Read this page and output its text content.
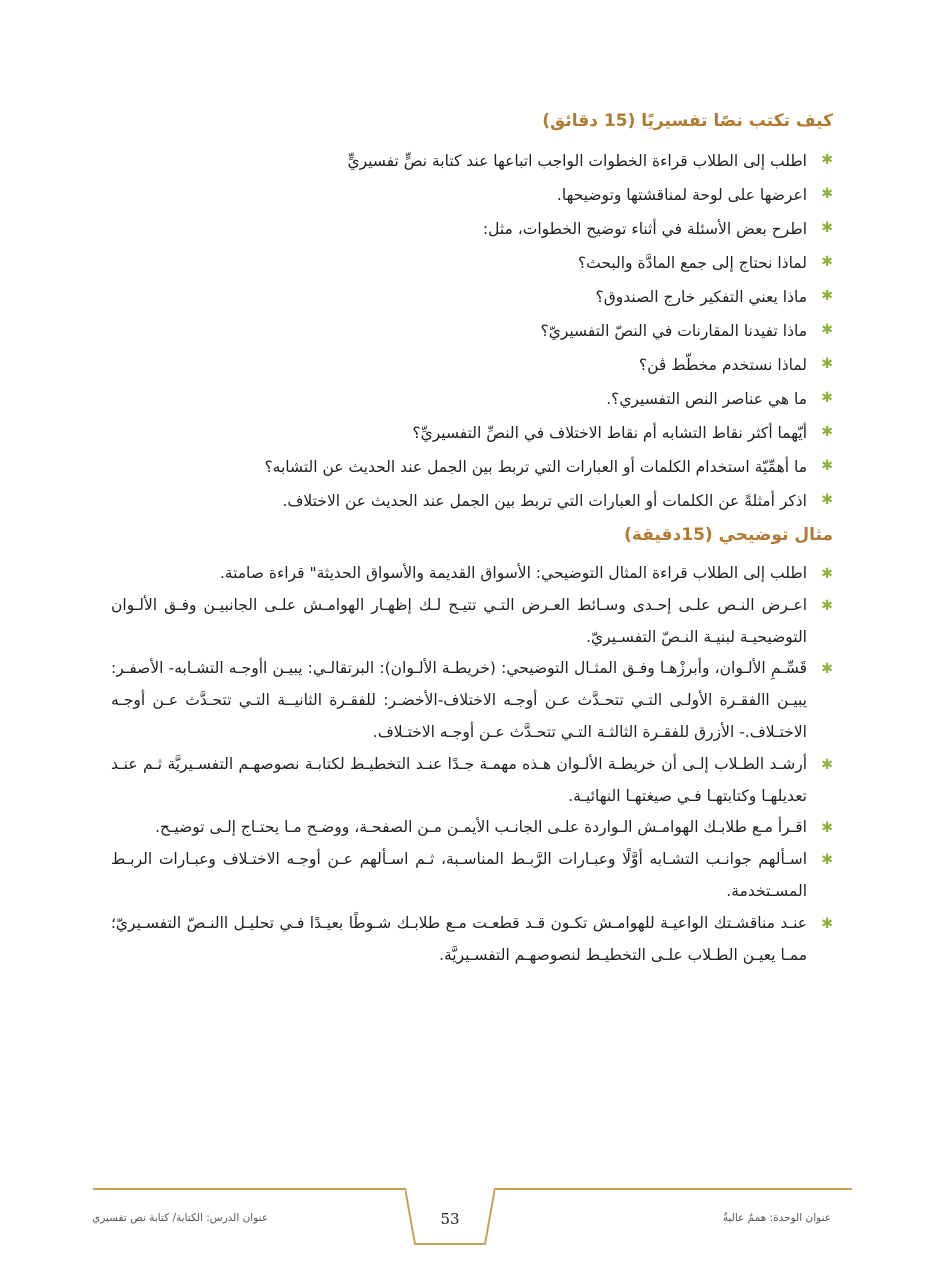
كيف تكتب نصًا تفسيريًا (15 دقائق)
✱
اطلب إلى الطلاب قراءة الخطوات الواجب اتباعها عند كتابة نصٍّ تفسيريٍّ
✱
اعرضها على لوحة لمناقشتها وتوضيحها.
✱
اطرح بعض الأسئلة في أثناء توضيح الخطوات، مثل:
✱
لماذا نحتاج إلى جمع المادَّة والبحث؟
✱
ماذا يعني التفكير خارج الصندوق؟
✱
ماذا تفيدنا المقارنات في النصّ التفسيريّ؟
✱
لماذا نستخدم مخطّط ڤن؟
✱
ما هي عناصر النص التفسيري؟.
✱
أيّهما أكثر نقاط التشابه أم نقاط الاختلاف في النصِّ التفسيريِّ؟
✱
ما أهمِّيّة استخدام الكلمات أو العبارات التي تربط بين الجمل عند الحديث عن التشابه؟
✱
اذكر أمثلةً عن الكلمات أو العبارات التي تربط بين الجمل عند الحديث عن الاختلاف.
مثال توضيحي (15دقيقة)
✱
اطلب إلى الطلاب قراءة المثال التوضيحي: الأسواق القديمة والأسواق الحديثة" قراءة صامتة.
✱
اعـرض النـص علـى إحـدى وسـائط العـرض التـي تتيـح لـك إظهـار الهوامـش علـى الجانبيـن وفـق الألـوان التوضيحيـة لبنيـة النـصّ التفسـيريّ.
✱
قَسِّـمِ الألـوان، وأبرزْهـا وفـق المثـال التوضيحي: (خريطـة الألـوان): البرتقالـي: يبيـن اأوجـه التشـابه- الأصفـر: يبيـن االفقـرة الأولـى التـي تتحـدَّث عـن أوجـه الاختلاف-الأخضـر: للفقـرة الثانيــة التـي تتحـدَّث عـن أوجـه الاختـلاف.- الأزرق للفقـرة الثالثـة التـي تتحـدَّث عـن أوجـه الاختـلاف.
✱
أرشـد الطـلاب إلـى أن خريطـة الألـوان هـذه مهمـة جـدًا عنـد التخطيـط لكتابـة نصوصهـم التفسـيريَّة ثـم عنـد تعديلهـا وكتابتهـا فـي صيغتهـا النهائيـة.
✱
اقـرأ مـع طلابـك الهوامـش الـواردة علـى الجانـب الأيمـن مـن الصفحـة، ووضـح مـا يحتـاج إلـى توضيـح.
✱
اسـألهم جوانـب التشـابه أوَّلًا وعبـارات الرَّبـط المناسـبة، ثـم اسـألهم عـن أوجـه الاختـلاف وعبـارات الربـط المسـتخدمة.
✱
عنـد مناقشـتك الواعيـة للهوامـش تكـون قـد قطعـت مـع طلابـك شـوطًا بعيـدًا فـي تحليـل االنـصّ التفسـيريّ؛ ممـا يعيـن الطـلاب علـى التخطيـط لنصوصهـم التفسـيريَّة.
53	عنوان الوحدة: هممٌ عاليةٌ
عنوان الدرس: الكتابة/ كتابة نص تفسيري
